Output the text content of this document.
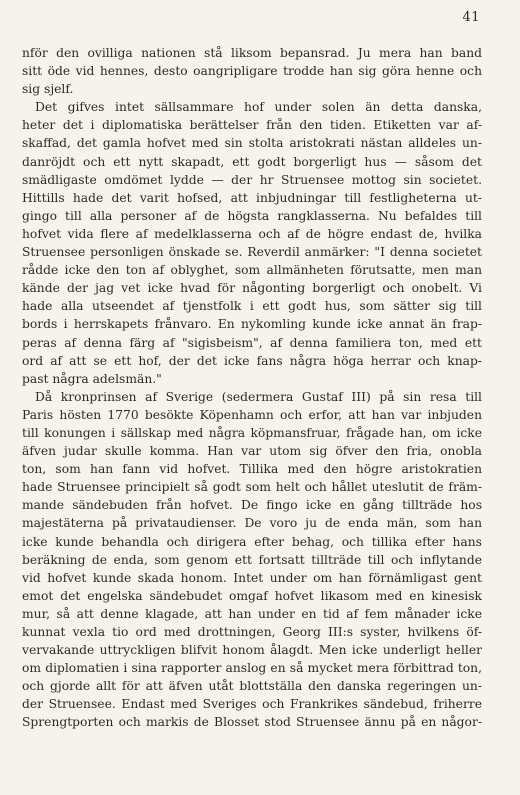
41
nför den ovilliga nationen stå liksom bepansrad. Ju mera han band
sitt öde vid hennes, desto oangripligare trodde han sig göra henne och
sig sjelf.
Det gifves intet sällsammare hof under solen än detta danska,
heter det i diplomatiska berättelser från den tiden. Etiketten var af-
skaffad, det gamla hofvet med sin stolta aristokrati nästan alldeles un-
danröjdt och ett nytt skapadt, ett godt borgerligt hus — såsom det
smädligaste omdömet lydde — der hr Struensee mottog sin societet.
Hittills hade det varit hofsed, att inbjudningar till festligheterna ut-
gingo till alla personer af de högsta rangklasserna. Nu befaldes till
hofvet vida flere af medelklasserna och af de högre endast de, hvilka
Struensee personligen önskade se. Reverdil anmärker: "I denna societet
rådde icke den ton af oblyghet, som allmänheten förutsatte, men man
kände der jag vet icke hvad för någonting borgerligt och onobelt. Vi
hade alla utseendet af tjenstfolk i ett godt hus, som sätter sig till
bords i herrskapets frånvaro. En nykomling kunde icke annat än frap-
peras af denna färg af "sigisbeism", af denna familiera ton, med ett
ord af att se ett hof, der det icke fans några höga herrar och knap-
past några adelsmän."
Då kronprinsen af Sverige (sedermera Gustaf III) på sin resa till
Paris hösten 1770 besökte Köpenhamn och erfor, att han var inbjuden
till konungen i sällskap med några köpmansfruar, frågade han, om icke
äfven judar skulle komma. Han var utom sig öfver den fria, onobla
ton, som han fann vid hofvet. Tillika med den högre aristokratien
hade Struensee principielt så godt som helt och hållet uteslutit de främ-
mande sändebuden från hofvet. De fingo icke en gång tillträde hos
majestäterna på privataudienser. De voro ju de enda män, som han
icke kunde behandla och dirigera efter behag, och tillika efter hans
beräkning de enda, som genom ett fortsatt tillträde till och inflytande
vid hofvet kunde skada honom. Intet under om han förnämligast gent
emot det engelska sändebudet omgaf hofvet likasom med en kinesisk
mur, så att denne klagade, att han under en tid af fem månader icke
kunnat vexla tio ord med drottningen, Georg III:s syster, hvilkens öf-
vervakande uttryckligen blifvit honom ålagdt. Men icke underligt heller
om diplomatien i sina rapporter anslog en så mycket mera förbittrad ton,
och gjorde allt för att äfven utåt blottställa den danska regeringen un-
der Struensee. Endast med Sveriges och Frankrikes sändebud, friherre
Sprengtporten och markis de Blosset stod Struensee ännu på en någor-
